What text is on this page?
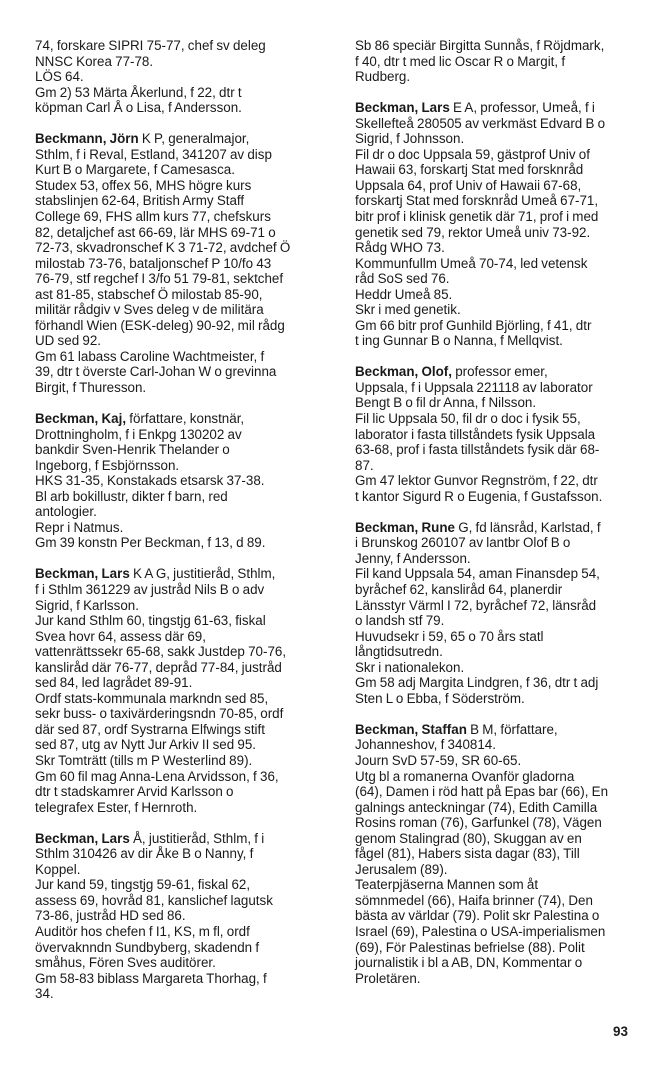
74, forskare SIPRI 75-77, chef sv deleg
NNSC Korea 77-78.
LÖS 64.
Gm 2) 53 Märta Åkerlund, f 22, dtr t
köpman Carl Å o Lisa, f Andersson.
Beckmann, Jörn K P, generalmajor,
Sthlm, f i Reval, Estland, 341207 av disp
Kurt B o Margarete, f Camesasca.
Studex 53, offex 56, MHS högre kurs
stabslinjen 62-64, British Army Staff
College 69, FHS allm kurs 77, chefskurs
82, detaljchef ast 66-69, lär MHS 69-71 o
72-73, skvadronschef K 3 71-72, avdchef Ö
milostab 73-76, bataljonschef P 10/fo 43
76-79, stf regchef I 3/fo 51 79-81, sektchef
ast 81-85, stabschef Ö milostab 85-90,
militär rådgiv v Sves deleg v de militära
förhandl Wien (ESK-deleg) 90-92, mil rådg
UD sed 92.
Gm 61 labass Caroline Wachtmeister, f
39, dtr t överste Carl-Johan W o grevinna
Birgit, f Thuresson.
Beckman, Kaj, författare, konstnär,
Drottningholm, f i Enkpg 130202 av
bankdir Sven-Henrik Thelander o
Ingeborg, f Esbjörnsson.
HKS 31-35, Konstakads etsarsk 37-38.
Bl arb bokillustr, dikter f barn, red
antologier.
Repr i Natmus.
Gm 39 konstn Per Beckman, f 13, d 89.
Beckman, Lars K A G, justitieråd, Sthlm,
f i Sthlm 361229 av justråd Nils B o adv
Sigrid, f Karlsson.
Jur kand Sthlm 60, tingstjg 61-63, fiskal
Svea hovr 64, assess där 69,
vattenrättssekr 65-68, sakk Justdep 70-76,
kansliråd där 76-77, depråd 77-84, justråd
sed 84, led lagrådet 89-91.
Ordf stats-kommunala markndn sed 85,
sekr buss- o taxivärderingsndn 70-85, ordf
där sed 87, ordf Systrarna Elfwings stift
sed 87, utg av Nytt Jur Arkiv II sed 95.
Skr Tomträtt (tills m P Westerlind 89).
Gm 60 fil mag Anna-Lena Arvidsson, f 36,
dtr t stadskamrer Arvid Karlsson o
telegrafex Ester, f Hernroth.
Beckman, Lars Å, justitieråd, Sthlm, f i
Sthlm 310426 av dir Åke B o Nanny, f
Koppel.
Jur kand 59, tingstjg 59-61, fiskal 62,
assess 69, hovråd 81, kanslichef lagutsk
73-86, justråd HD sed 86.
Auditör hos chefen f I1, KS, m fl, ordf
övervaknndn Sundbyberg, skadendn f
småhus, Fören Sves auditörer.
Gm 58-83 biblass Margareta Thorhag, f
34.
Sb 86 speciär Birgitta Sunnås, f Röjdmark,
f 40, dtr t med lic Oscar R o Margit, f
Rudberg.
Beckman, Lars E A, professor, Umeå, f i
Skellefteå 280505 av verkmäst Edvard B o
Sigrid, f Johnsson.
Fil dr o doc Uppsala 59, gästprof Univ of
Hawaii 63, forskartj Stat med forsknråd
Uppsala 64, prof Univ of Hawaii 67-68,
forskartj Stat med forsknråd Umeå 67-71,
bitr prof i klinisk genetik där 71, prof i med
genetik sed 79, rektor Umeå univ 73-92.
Rådg WHO 73.
Kommunfullm Umeå 70-74, led vetensk
råd SoS sed 76.
Heddr Umeå 85.
Skr i med genetik.
Gm 66 bitr prof Gunhild Björling, f 41, dtr
t ing Gunnar B o Nanna, f Mellqvist.
Beckman, Olof, professor emer,
Uppsala, f i Uppsala 221118 av laborator
Bengt B o fil dr Anna, f Nilsson.
Fil lic Uppsala 50, fil dr o doc i fysik 55,
laborator i fasta tillståndets fysik Uppsala
63-68, prof i fasta tillståndets fysik där 68-
87.
Gm 47 lektor Gunvor Regnström, f 22, dtr
t kantor Sigurd R o Eugenia, f Gustafsson.
Beckman, Rune G, fd länsråd, Karlstad, f
i Brunskog 260107 av lantbr Olof B o
Jenny, f Andersson.
Fil kand Uppsala 54, aman Finansdep 54,
byråchef 62, kansliråd 64, planerdir
Länsstyr Värml I 72, byråchef 72, länsråd
o landsh stf 79.
Huvudsekr i 59, 65 o 70 års statl
långtidsutredn.
Skr i nationalekon.
Gm 58 adj Margita Lindgren, f 36, dtr t adj
Sten L o Ebba, f Söderström.
Beckman, Staffan B M, författare,
Johanneshov, f 340814.
Journ SvD 57-59, SR 60-65.
Utg bl a romanerna Ovanför gladorna
(64), Damen i röd hatt på Epas bar (66), En
galnings anteckningar (74), Edith Camilla
Rosins roman (76), Garfunkel (78), Vägen
genom Stalingrad (80), Skuggan av en
fågel (81), Habers sista dagar (83), Till
Jerusalem (89).
Teaterpjäserna Mannen som åt
sömnmedel (66), Haifa brinner (74), Den
bästa av världar (79). Polit skr Palestina o
Israel (69), Palestina o USA-imperialismen
(69), För Palestinas befrielse (88). Polit
journalistik i bl a AB, DN, Kommentar o
Proletären.
93
